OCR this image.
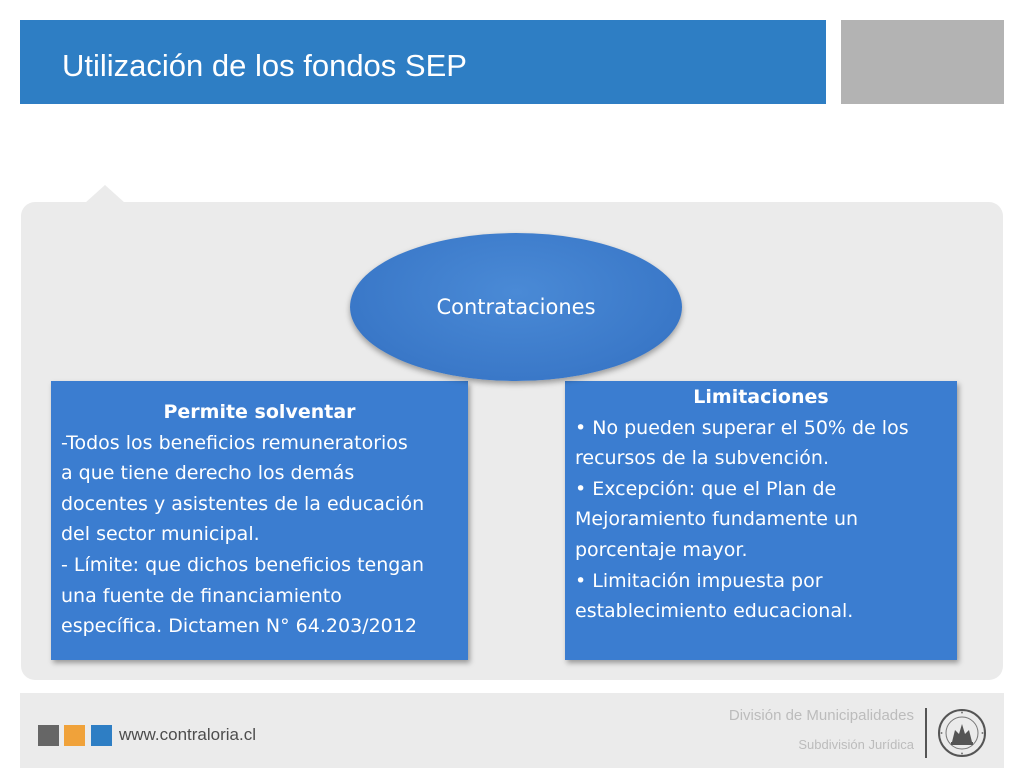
Utilización de los fondos SEP
Permite solventar
-Todos los beneficios remuneratorios
a que tiene derecho los demás
docentes y asistentes de la educación
del sector municipal.
- Límite: que dichos beneficios tengan
una fuente de financiamiento
específica. Dictamen N° 64.203/2012
Limitaciones
• No pueden superar el 50% de los
recursos de la subvención.
• Excepción: que el Plan de
Mejoramiento fundamente un
porcentaje mayor.
• Limitación impuesta por
establecimiento educacional.
Contrataciones
www.contraloria.cl
División de Municipalidades
Subdivisión Jurídica
